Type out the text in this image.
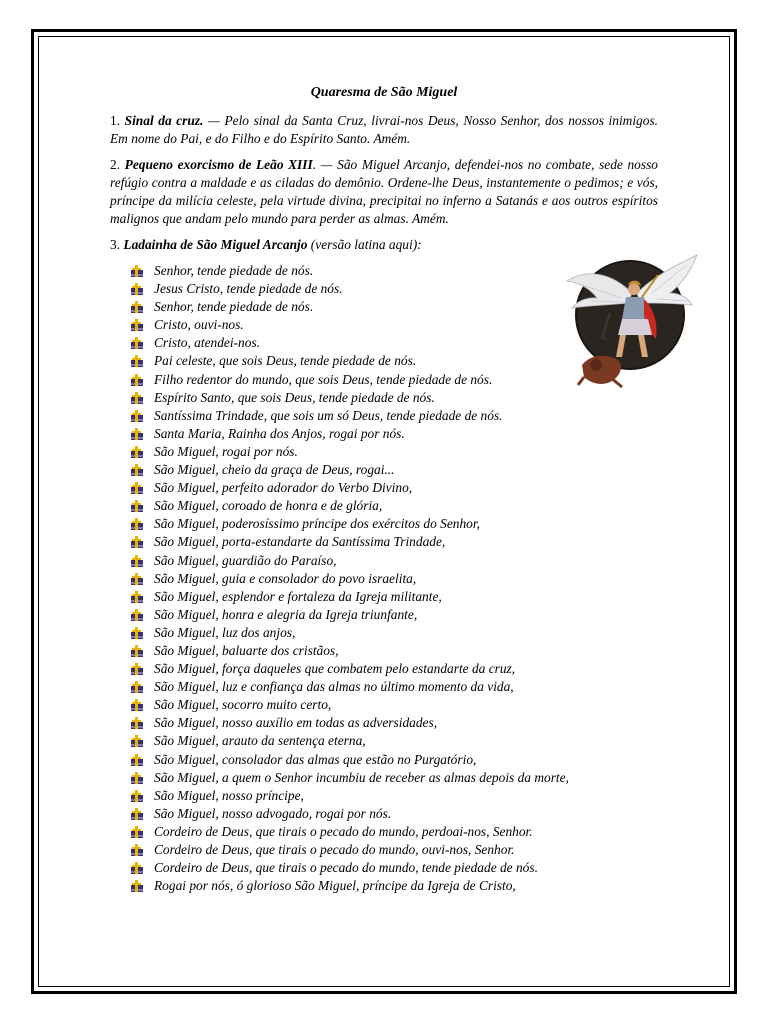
Quaresma de São Miguel

1. Sinal da cruz. — Pelo sinal da Santa Cruz, livrai-nos Deus, Nosso Senhor, dos nossos inimigos. Em nome do Pai, e do Filho e do Espírito Santo. Amém.

2. Pequeno exorcismo de Leão XIII. — São Miguel Arcanjo, defendei-nos no combate, sede nosso refúgio contra a maldade e as ciladas do demônio. Ordene-lhe Deus, instantemente o pedimos; e vós, príncipe da milícia celeste, pela virtude divina, precipitai no inferno a Satanás e aos outros espíritos malignos que andam pelo mundo para perder as almas. Amém.

3. Ladainha de São Miguel Arcanjo (versão latina aqui):

Senhor, tende piedade de nós.
Jesus Cristo, tende piedade de nós.
Senhor, tende piedade de nós.
Cristo, ouvi-nos.
Cristo, atendei-nos.
Pai celeste, que sois Deus, tende piedade de nós.
Filho redentor do mundo, que sois Deus, tende piedade de nós.
Espírito Santo, que sois Deus, tende piedade de nós.
Santíssima Trindade, que sois um só Deus, tende piedade de nós.
Santa Maria, Rainha dos Anjos, rogai por nós.
São Miguel, rogai por nós.
São Miguel, cheio da graça de Deus, rogai...
São Miguel, perfeito adorador do Verbo Divino,
São Miguel, coroado de honra e de glória,
São Miguel, poderosíssimo príncipe dos exércitos do Senhor,
São Miguel, porta-estandarte da Santíssima Trindade,
São Miguel, guardião do Paraíso,
São Miguel, guia e consolador do povo israelita,
São Miguel, esplendor e fortaleza da Igreja militante,
São Miguel, honra e alegria da Igreja triunfante,
São Miguel, luz dos anjos,
São Miguel, baluarte dos cristãos,
São Miguel, força daqueles que combatem pelo estandarte da cruz,
São Miguel, luz e confiança das almas no último momento da vida,
São Miguel, socorro muito certo,
São Miguel, nosso auxílio em todas as adversidades,
São Miguel, arauto da sentença eterna,
São Miguel, consolador das almas que estão no Purgatório,
São Miguel, a quem o Senhor incumbiu de receber as almas depois da morte,
São Miguel, nosso príncipe,
São Miguel, nosso advogado, rogai por nós.
Cordeiro de Deus, que tirais o pecado do mundo, perdoai-nos, Senhor.
Cordeiro de Deus, que tirais o pecado do mundo, ouvi-nos, Senhor.
Cordeiro de Deus, que tirais o pecado do mundo, tende piedade de nós.
Rogai por nós, ó glorioso São Miguel, príncipe da Igreja de Cristo,
